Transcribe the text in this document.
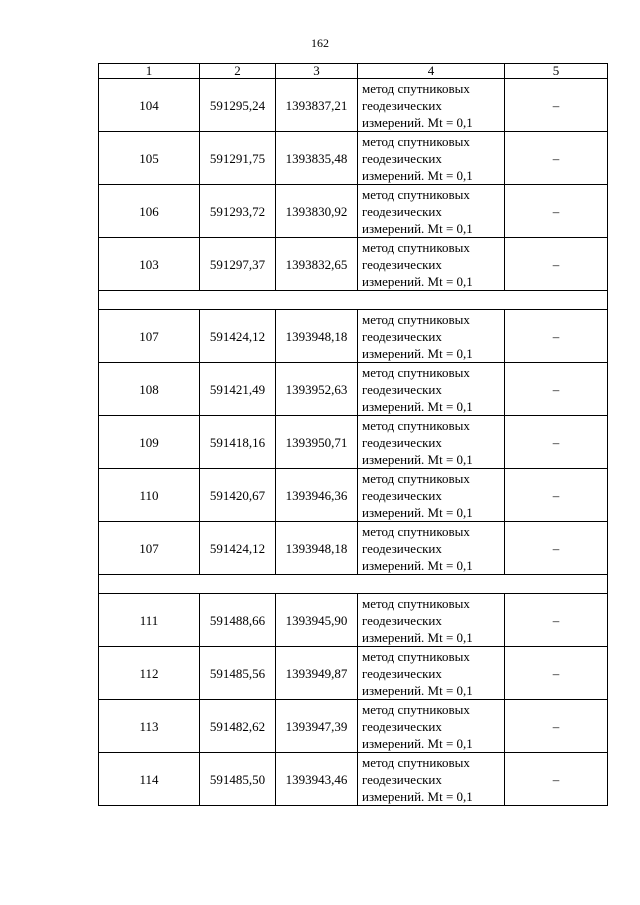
162
1	2	3	4	5
104	591295,24	1393837,21	метод спутниковых
геодезических
измерений. Mt = 0,1	–
105	591291,75	1393835,48	метод спутниковых
геодезических
измерений. Mt = 0,1	–
106	591293,72	1393830,92	метод спутниковых
геодезических
измерений. Mt = 0,1	–
103	591297,37	1393832,65	метод спутниковых
геодезических
измерений. Mt = 0,1	–

107	591424,12	1393948,18	метод спутниковых
геодезических
измерений. Mt = 0,1	–
108	591421,49	1393952,63	метод спутниковых
геодезических
измерений. Mt = 0,1	–
109	591418,16	1393950,71	метод спутниковых
геодезических
измерений. Mt = 0,1	–
110	591420,67	1393946,36	метод спутниковых
геодезических
измерений. Mt = 0,1	–
107	591424,12	1393948,18	метод спутниковых
геодезических
измерений. Mt = 0,1	–

111	591488,66	1393945,90	метод спутниковых
геодезических
измерений. Mt = 0,1	–
112	591485,56	1393949,87	метод спутниковых
геодезических
измерений. Mt = 0,1	–
113	591482,62	1393947,39	метод спутниковых
геодезических
измерений. Mt = 0,1	–
114	591485,50	1393943,46	метод спутниковых
геодезических
измерений. Mt = 0,1	–
